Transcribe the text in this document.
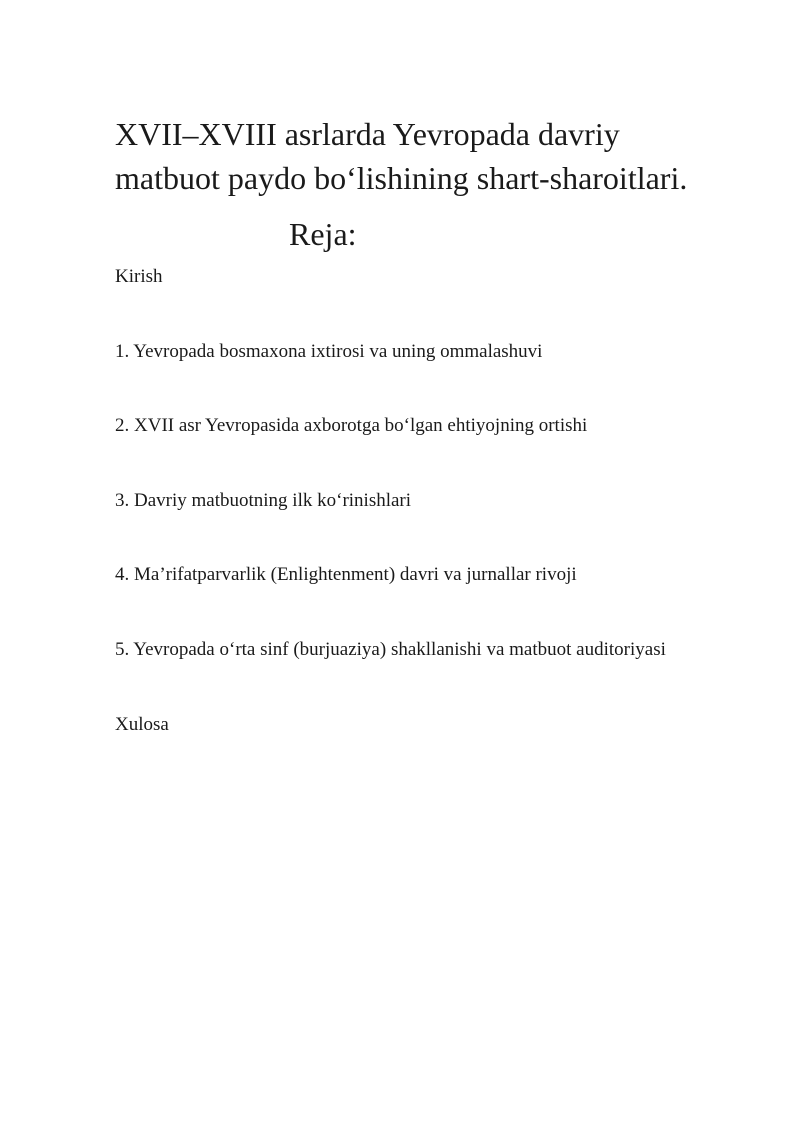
XVII–XVIII asrlarda Yevropada davriy
matbuot paydo bo‘lishining shart-sharoitlari.
Reja:
Kirish
1. Yevropada bosmaxona ixtirosi va uning ommalashuvi
2. XVII asr Yevropasida axborotga bo‘lgan ehtiyojning ortishi
3. Davriy matbuotning ilk ko‘rinishlari
4. Ma’rifatparvarlik (Enlightenment) davri va jurnallar rivoji
5. Yevropada o‘rta sinf (burjuaziya) shakllanishi va matbuot auditoriyasi
Xulosa
